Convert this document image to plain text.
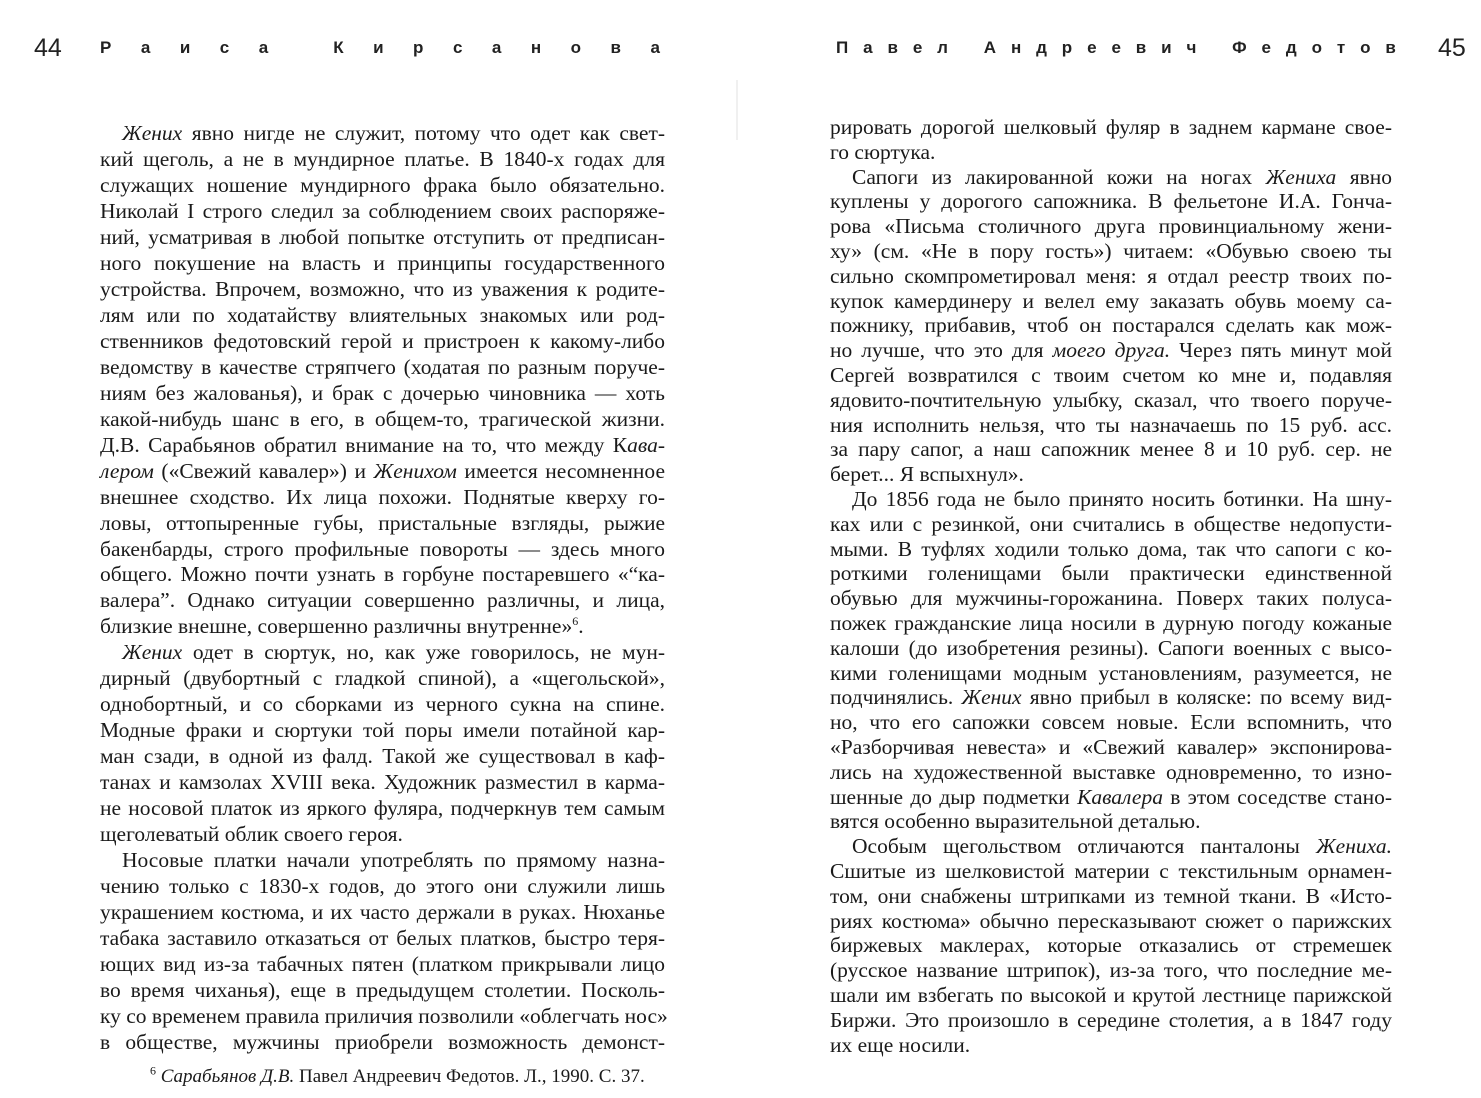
44 Р а и с а
	К и р с а н о в а	П а в е л
А н д р е е в и ч
Ф е д о т о в 45
Жених явно нигде не служит, потому что одет как свет-
кий щеголь, а не в мундирное платье. В 1840-х годах для
служащих ношение мундирного фрака было обязательно.
Николай I строго следил за соблюдением своих распоряже-
ний, усматривая в любой попытке отступить от предписан-
ного покушение на власть и принципы государственного
устройства. Впрочем, возможно, что из уважения к родите-
лям или по ходатайству влиятельных знакомых или род-
ственников федотовский герой и пристроен к какому-либо
ведомству в качестве стряпчего (ходатая по разным поруче-
ниям без жалованья), и брак с дочерью чиновника — хоть
какой-нибудь шанс в его, в общем-то, трагической жизни.
Д.В. Сарабьянов обратил внимание на то, что между Кава-
лером («Свежий кавалер») и Женихом имеется несомненное
внешнее сходство. Их лица похожи. Поднятые кверху го-
ловы, оттопыренные губы, пристальные взгляды, рыжие
бакенбарды, строго профильные повороты — здесь много
общего. Можно почти узнать в горбуне постаревшего «“ка-
валера”. Однако ситуации совершенно различны, и лица,
близкие внешне, совершенно различны внутренне»$^6$.
Жених одет в сюртук, но, как уже говорилось, не мун-
дирный (двубортный с гладкой спиной), а «щегольской»,
однобортный, и со сборками из черного сукна на спине.
Модные фраки и сюртуки той поры имели потайной кар-
ман сзади, в одной из фалд. Такой же существовал в каф-
танах и камзолах XVIII века. Художник разместил в карма-
не носовой платок из яркого фуляра, подчеркнув тем самым
щеголеватый облик своего героя.
Носовые платки начали употреблять по прямому назна-
чению только с 1830-х годов, до этого они служили лишь
украшением костюма, и их часто держали в руках. Нюханье
табака заставило отказаться от белых платков, быстро теря-
ющих вид из-за табачных пятен (платком прикрывали лицо
во время чиханья), еще в предыдущем столетии. Посколь-
ку со временем правила приличия позволили «облегчать нос»
в обществе, мужчины приобрели возможность демонст-
рировать дорогой шелковый фуляр в заднем кармане свое-
го сюртука.
Сапоги из лакированной кожи на ногах Жениха явно
куплены у дорогого сапожника. В фельетоне И.А. Гонча-
рова «Письма столичного друга провинциальному жени-
ху» (см. «Не в пору гость») читаем: «Обувью своею ты
сильно скомпрометировал меня: я отдал реестр твоих по-
купок камердинеру и велел ему заказать обувь моему са-
пожнику, прибавив, чтоб он постарался сделать как мож-
но лучше, что это для моего друга. Через пять минут мой
Сергей возвратился с твоим счетом ко мне и, подавляя
ядовито-почтительную улыбку, сказал, что твоего поруче-
ния исполнить нельзя, что ты назначаешь по 15 руб. асс.
за пару сапог, а наш сапожник менее 8 и 10 руб. сер. не
берет... Я вспыхнул».
До 1856 года не было принято носить ботинки. На шну-
ках или с резинкой, они считались в обществе недопусти-
мыми. В туфлях ходили только дома, так что сапоги с ко-
роткими голенищами были практически единственной
обувью для мужчины-горожанина. Поверх таких полуса-
пожек гражданские лица носили в дурную погоду кожаные
калоши (до изобретения резины). Сапоги военных с высо-
кими голенищами модным установлениям, разумеется, не
подчинялись. Жених явно прибыл в коляске: по всему вид-
но, что его сапожки совсем новые. Если вспомнить, что
«Разборчивая невеста» и «Свежий кавалер» экспонирова-
лись на художественной выставке одновременно, то изно-
шенные до дыр подметки Кавалера в этом соседстве стано-
вятся особенно выразительной деталью.
Особым щегольством отличаются панталоны Жениха.
Сшитые из шелковистой материи с текстильным орнамен-
том, они снабжены штрипками из темной ткани. В «Исто-
риях костюма» обычно пересказывают сюжет о парижских
биржевых маклерах, которые отказались от стремешек
(русское название штрипок), из-за того, что последние ме-
шали им взбегать по высокой и крутой лестнице парижской
Биржи. Это произошло в середине столетия, а в 1847 году
их еще носили.
$^6$ Сарабьянов Д.В. Павел Андреевич Федотов. Л., 1990. С. 37.
